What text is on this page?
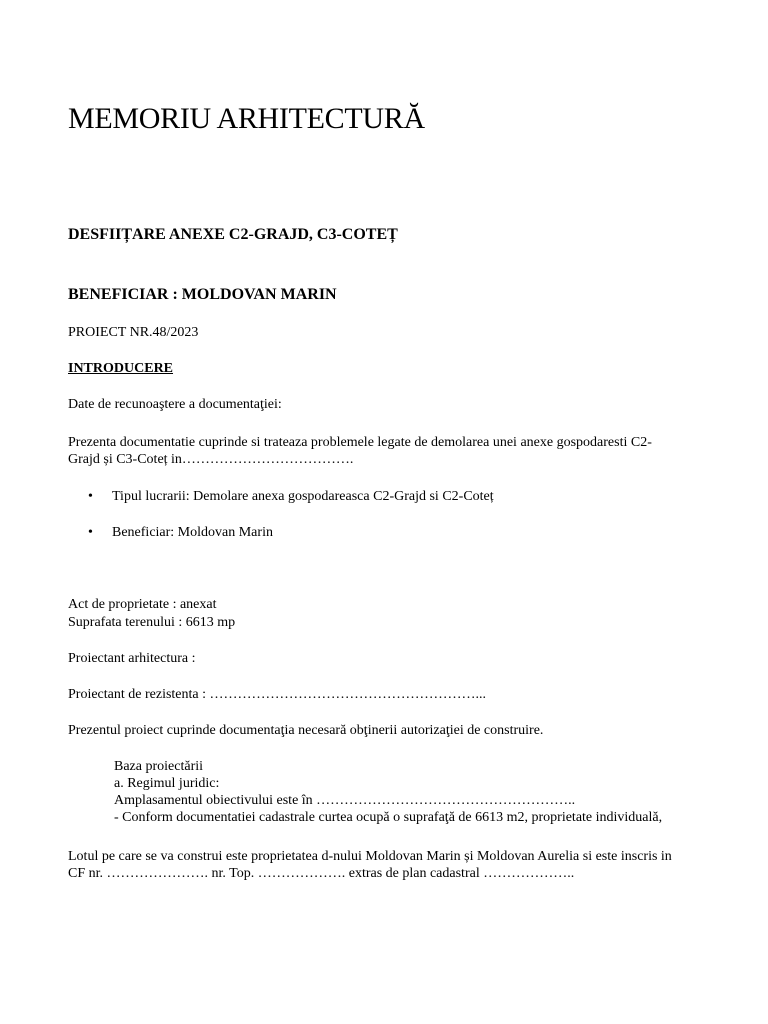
MEMORIU ARHITECTURĂ
DESFIIȚARE ANEXE C2-GRAJD, C3-COTEȚ
BENEFICIAR : MOLDOVAN MARIN

PROIECT NR.48/2023

INTRODUCERE

Date de recunoaştere a documentaţiei:

Prezenta documentatie cuprinde si trateaza problemele legate de demolarea unei anexe gospodaresti C2-

Grajd și C3-Coteț in……………………………….

• Tipul lucrarii: Demolare anexa gospodareasca C2-Grajd si C2-Coteț
• Beneficiar: Moldovan Marin

Act de proprietate : anexat

Suprafata terenului : 6613 mp

Proiectant arhitectura :

Proiectant de rezistenta : …………………………………………………...

Prezentul proiect cuprinde documentaţia necesară obţinerii autorizaţiei de construire.

Baza proiectării

a. Regimul juridic:

Amplasamentul obiectivului este în ………………………………………………..

- Conform documentatiei cadastrale curtea ocupă o suprafaţă de 6613 m2, proprietate individuală,

Lotul pe care se va construi este proprietatea d-nului Moldovan Marin și Moldovan Aurelia si este inscris in

CF nr. …………………. nr. Top. ………………. extras de plan cadastral ………………..
